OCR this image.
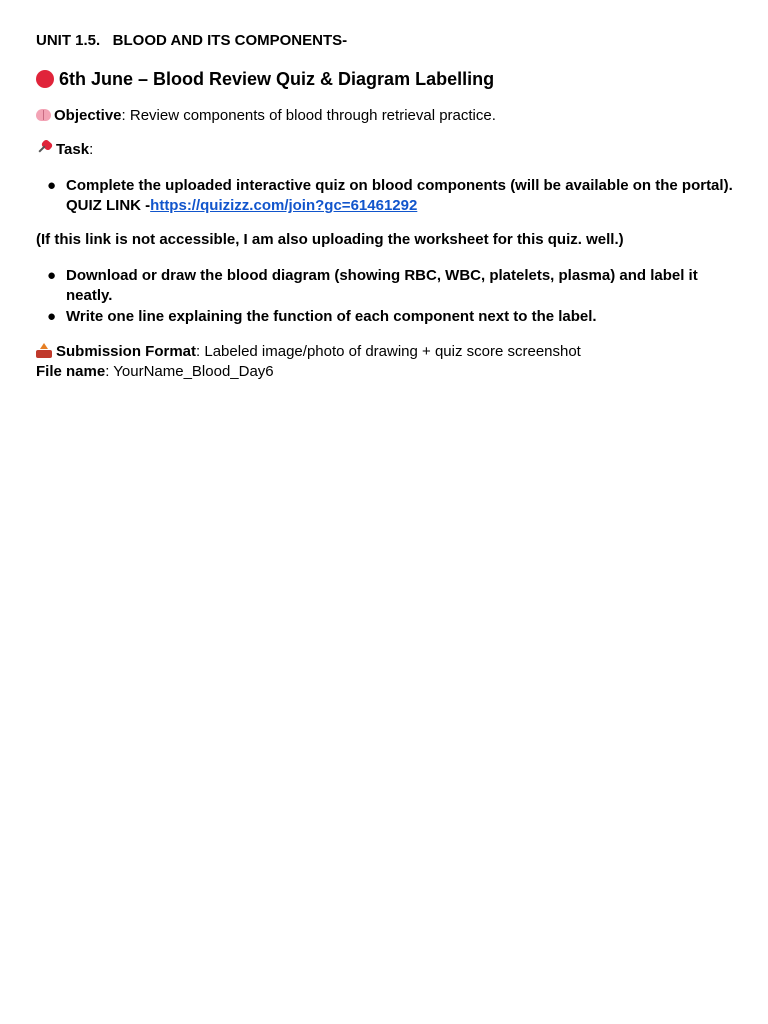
UNIT 1.5.   BLOOD AND ITS COMPONENTS-
6th June – Blood Review Quiz & Diagram Labelling
Objective: Review components of blood through retrieval practice.
Task:
● Complete the uploaded interactive quiz on blood components (will be available on the portal). QUIZ LINK -https://quizizz.com/join?gc=61461292
(If this link is not accessible, I am also uploading the worksheet for this quiz. well.)
● Download or draw the blood diagram (showing RBC, WBC, platelets, plasma) and label it neatly.
● Write one line explaining the function of each component next to the label.
Submission Format: Labeled image/photo of drawing + quiz score screenshot
File name: YourName_Blood_Day6
